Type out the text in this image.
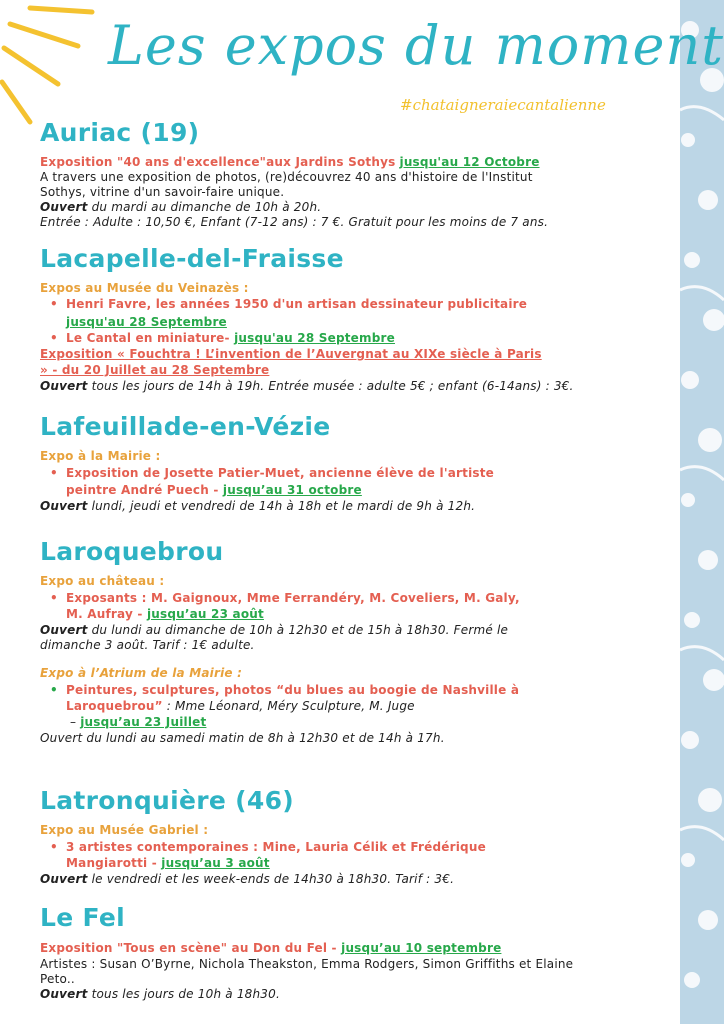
Les expos du moment
#chataigneraiecantalienne
Auriac (19)
Exposition "40 ans d'excellence"aux Jardins Sothys jusqu'au 12 Octobre
A travers une exposition de photos, (re)découvrez 40 ans d'histoire de l'Institut
Sothys, vitrine d'un savoir-faire unique.
Ouvert du mardi au dimanche de 10h à 20h.
Entrée : Adulte : 10,50 €, Enfant (7-12 ans) : 7 €. Gratuit pour les moins de 7 ans.
Lacapelle-del-Fraisse
Expos au Musée du Veinazès :
• Henri Favre, les années 1950 d'un artisan dessinateur publicitaire
jusqu'au 28 Septembre
• Le Cantal en miniature- jusqu'au 28 Septembre
Exposition « Fouchtra ! L’invention de l’Auvergnat au XIXe siècle à Paris
» - du 20 Juillet au 28 Septembre
Ouvert tous les jours de 14h à 19h. Entrée musée : adulte 5€ ; enfant (6-14ans) : 3€.
Lafeuillade-en-Vézie
Expo à la Mairie :
• Exposition de Josette Patier-Muet, ancienne élève de l'artiste
peintre André Puech - jusqu’au 31 octobre
Ouvert lundi, jeudi et vendredi de 14h à 18h et le mardi de 9h à 12h.
Laroquebrou
Expo au château :
• Exposants : M. Gaignoux, Mme Ferrandéry, M. Coveliers, M. Galy,
M. Aufray - jusqu’au 23 août
Ouvert du lundi au dimanche de 10h à 12h30 et de 15h à 18h30. Fermé le
dimanche 3 août. Tarif : 1€ adulte.
Expo à l’Atrium de la Mairie :
• Peintures, sculptures, photos “du blues au boogie de Nashville à
Laroquebrou” : Mme Léonard, Méry Sculpture, M. Juge
– jusqu’au 23 Juillet
Ouvert du lundi au samedi matin de 8h à 12h30 et de 14h à 17h.
Latronquière (46)
Expo au Musée Gabriel :
• 3 artistes contemporaines : Mine, Lauria Célik et Frédérique
Mangiarotti - jusqu’au 3 août
Ouvert le vendredi et les week-ends de 14h30 à 18h30. Tarif : 3€.
Le Fel
Exposition "Tous en scène" au Don du Fel - jusqu’au 10 septembre
Artistes : Susan O’Byrne, Nichola Theakston, Emma Rodgers, Simon Griffiths et Elaine
Peto..
Ouvert tous les jours de 10h à 18h30.
